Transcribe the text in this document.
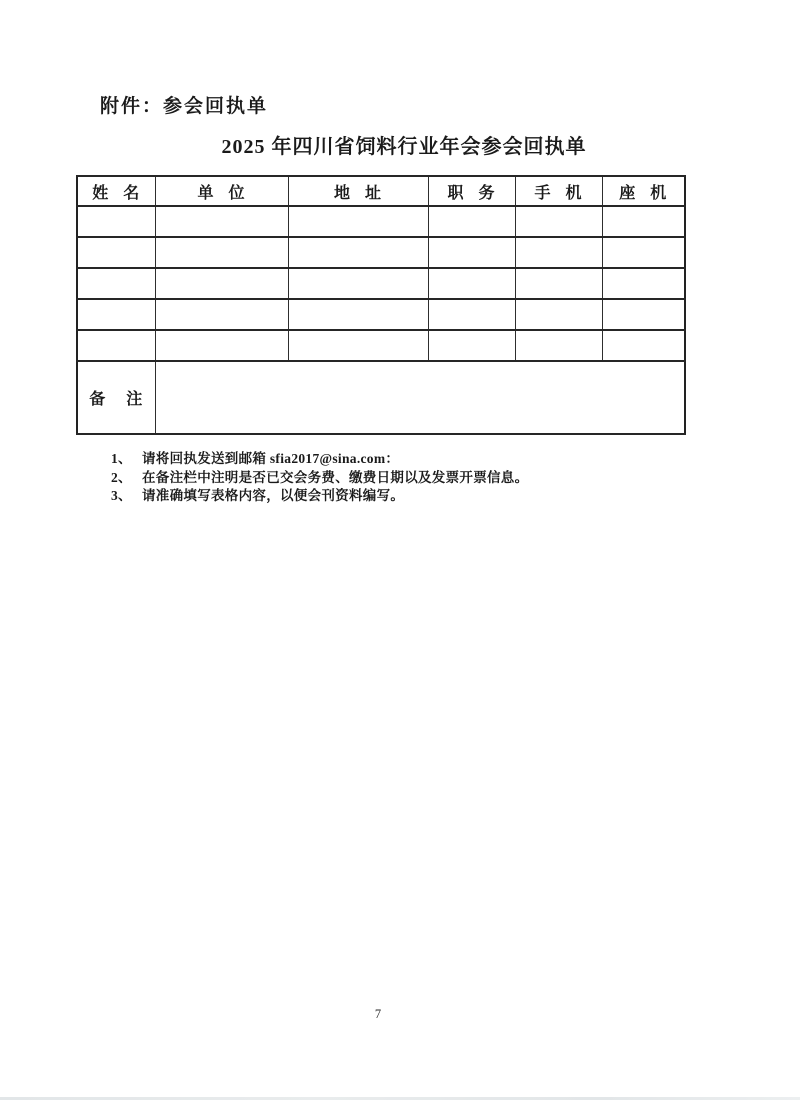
附件：参会回执单
2025 年四川省饲料行业年会参会回执单
姓 名	单 位	地 址	职 务	手 机	座 机

备 注					
1、 请将回执发送到邮箱 sfia2017@sina.com：
2、 在备注栏中注明是否已交会务费、缴费日期以及发票开票信息。
3、 请准确填写表格内容，以便会刊资料编写。
7
